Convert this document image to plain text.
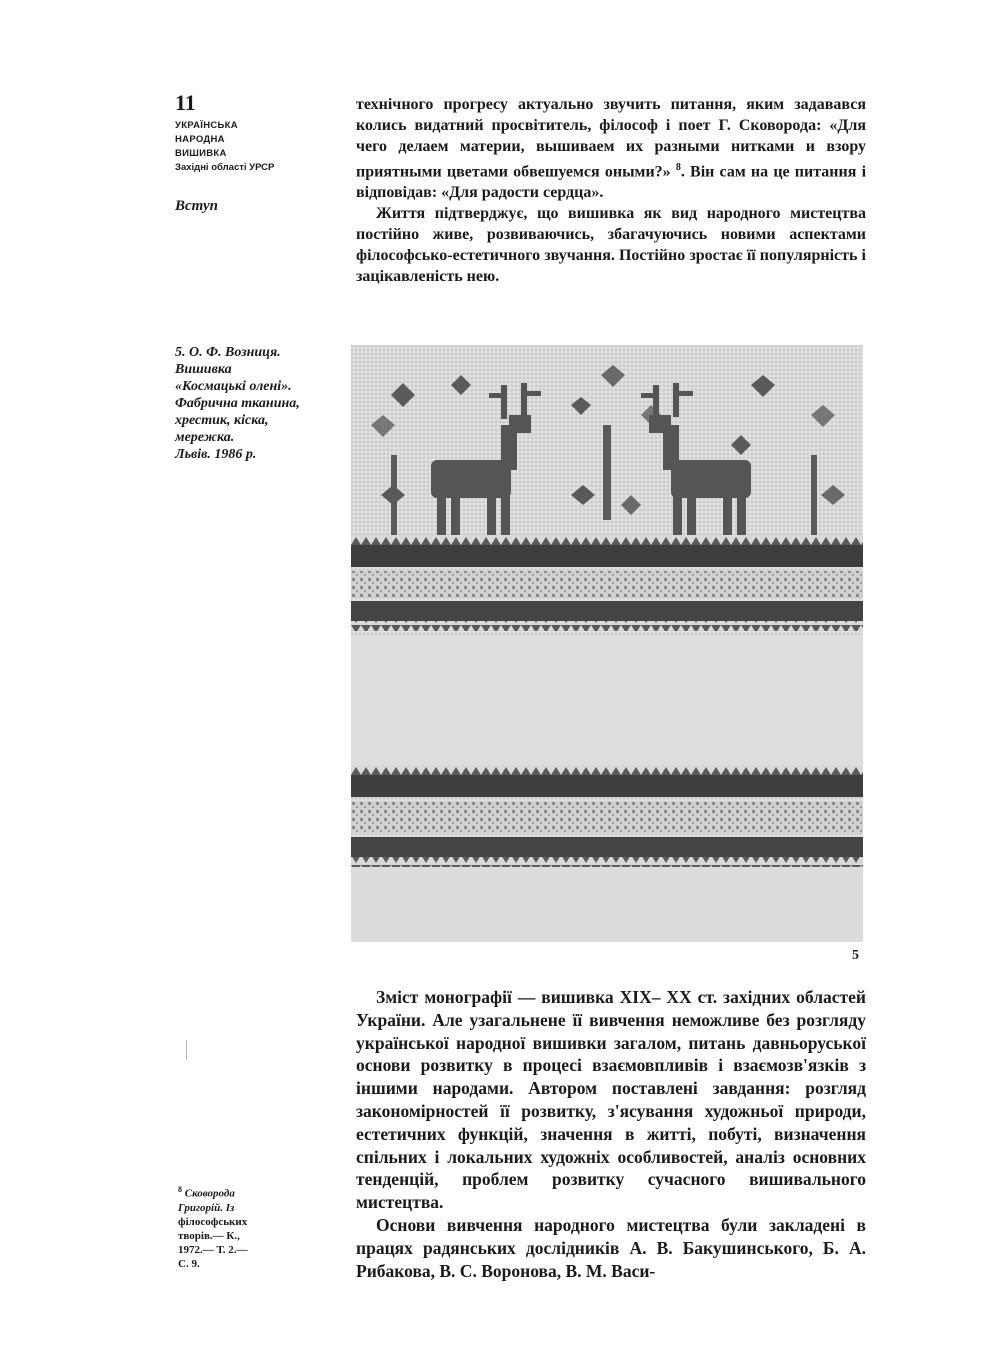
11
УКРАЇНСЬКА
НАРОДНА
ВИШИВКА
Західні області УРСР
Вступ

технічного прогресу актуально звучить питання, яким задавався колись видатний просвітитель, філософ і поет Г. Сковорода: «Для чего делаем материи, вышиваем их разными нитками и взору приятными цветами обвешуемся оными?» $^8$. Він сам на це питання і відповідав: «Для радости сердца».

Життя підтверджує, що вишивка як вид народного мистецтва постійно живе, розвиваючись, збагачуючись новими аспектами філософсько-естетичного звучання. Постійно зростає її популярність і зацікавленість нею.

5. О. Ф. Возниця.
Вишивка
«Космацькі олені».
Фабрична тканина,
хрестик, кіска,
мережка.
Львів. 1986 р.
5

Зміст монографії — вишивка XIX– XX ст. західних областей України. Але узагальнене її вивчення неможливе без розгляду української народної вишивки загалом, питань давньоруської основи розвитку в процесі взаємовпливів і взаємозв'язків з іншими народами. Автором поставлені завдання: розгляд закономірностей її розвитку, з'ясування художньої природи, естетичних функцій, значення в житті, побуті, визначення спільних і локальних художніх особливостей, аналіз основних тенденцій, проблем розвитку сучасного вишивального мистецтва.

Основи вивчення народного мистецтва були закладені в працях радянських дослідників А. В. Бакушинського, Б. А. Рибакова, В. С. Воронова, В. М. Васи-

$^8$ Сковорода
Григорій. Із
філософських
творів.— К.,
1972.— Т. 2.—
С. 9.
